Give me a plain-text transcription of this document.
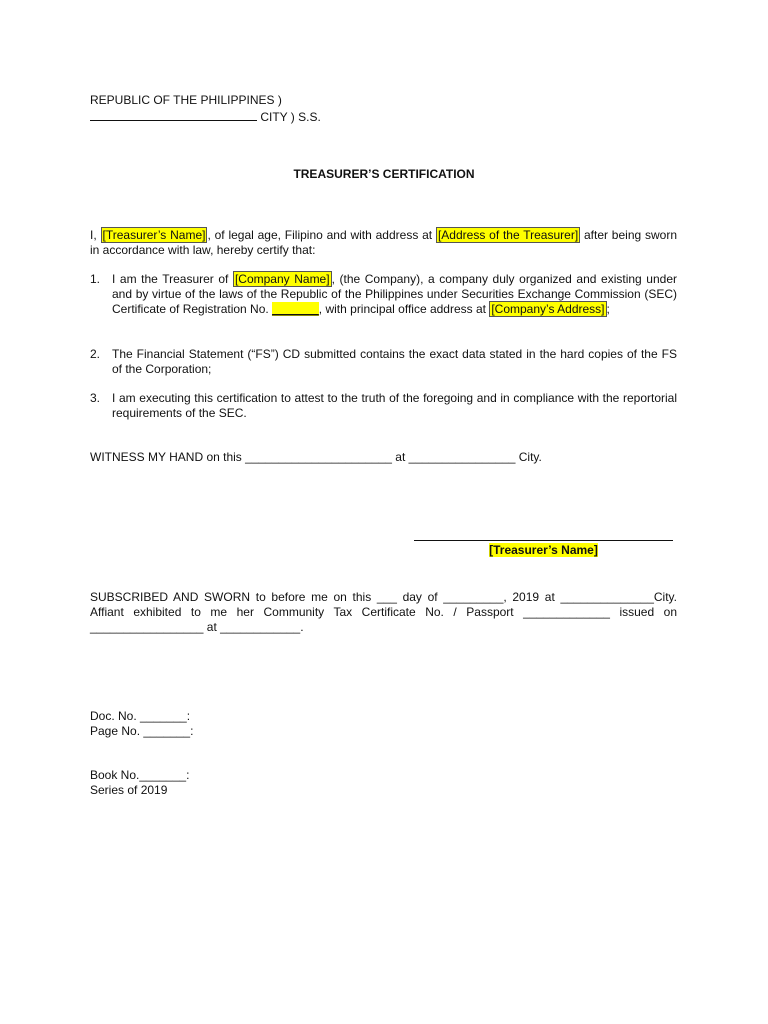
REPUBLIC OF THE PHILIPPINES )
CITY ) S.S.
TREASURER’S CERTIFICATION
I, [Treasurer’s Name] , of legal age, Filipino and with address at [Address of the Treasurer] after being sworn in accordance with law, hereby certify that:
1. I am the Treasurer of [Company Name] , (the Company), a company duly organized and existing under and by virtue of the laws of the Republic of the Philippines under Securities Exchange Commission (SEC) Certificate of Registration No. _______, with principal office address at [Company’s Address] ;
2. The Financial Statement (“FS”) CD submitted contains the exact data stated in the hard copies of the FS of the Corporation;
3. I am executing this certification to attest to the truth of the foregoing and in compliance with the reportorial requirements of the SEC.
WITNESS MY HAND on this ______________________ at ________________ City.
[Treasurer’s Name]
SUBSCRIBED AND SWORN to before me on this ___ day of _________, 2019 at ______________City.
Affiant exhibited to me her Community Tax Certificate No. / Passport _____________ issued on
_________________ at ____________.
Doc. No. _______:
Page No. _______:
Book No._______:
Series of 2019
